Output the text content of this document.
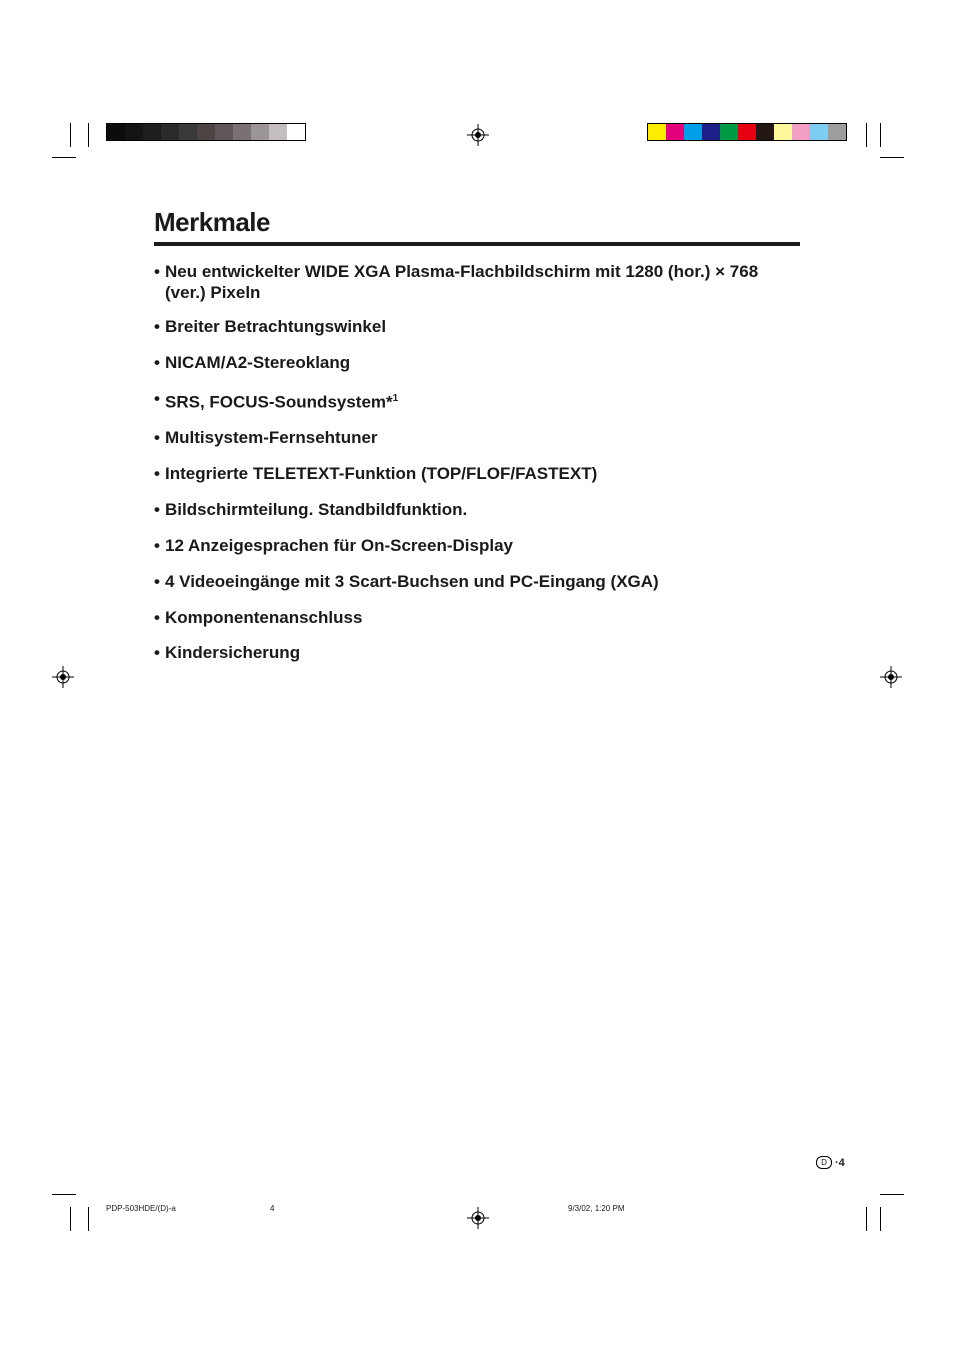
Merkmale
• Neu entwickelter WIDE XGA Plasma-Flachbildschirm mit 1280 (hor.) × 768 (ver.) Pixeln
• Breiter Betrachtungswinkel
• NICAM/A2-Stereoklang
• SRS, FOCUS-Soundsystem*$^1$
• Multisystem-Fernsehtuner
• Integrierte TELETEXT-Funktion (TOP/FLOF/FASTEXT)
• Bildschirmteilung. Standbildfunktion.
• 12 Anzeigesprachen für On-Screen-Display
• 4 Videoeingänge mit 3 Scart-Buchsen und PC-Eingang (XGA)
• Komponentenanschluss
• Kindersicherung
D ·4
PDP-503HDE/(D)-a	4	9/3/02, 1:20 PM
